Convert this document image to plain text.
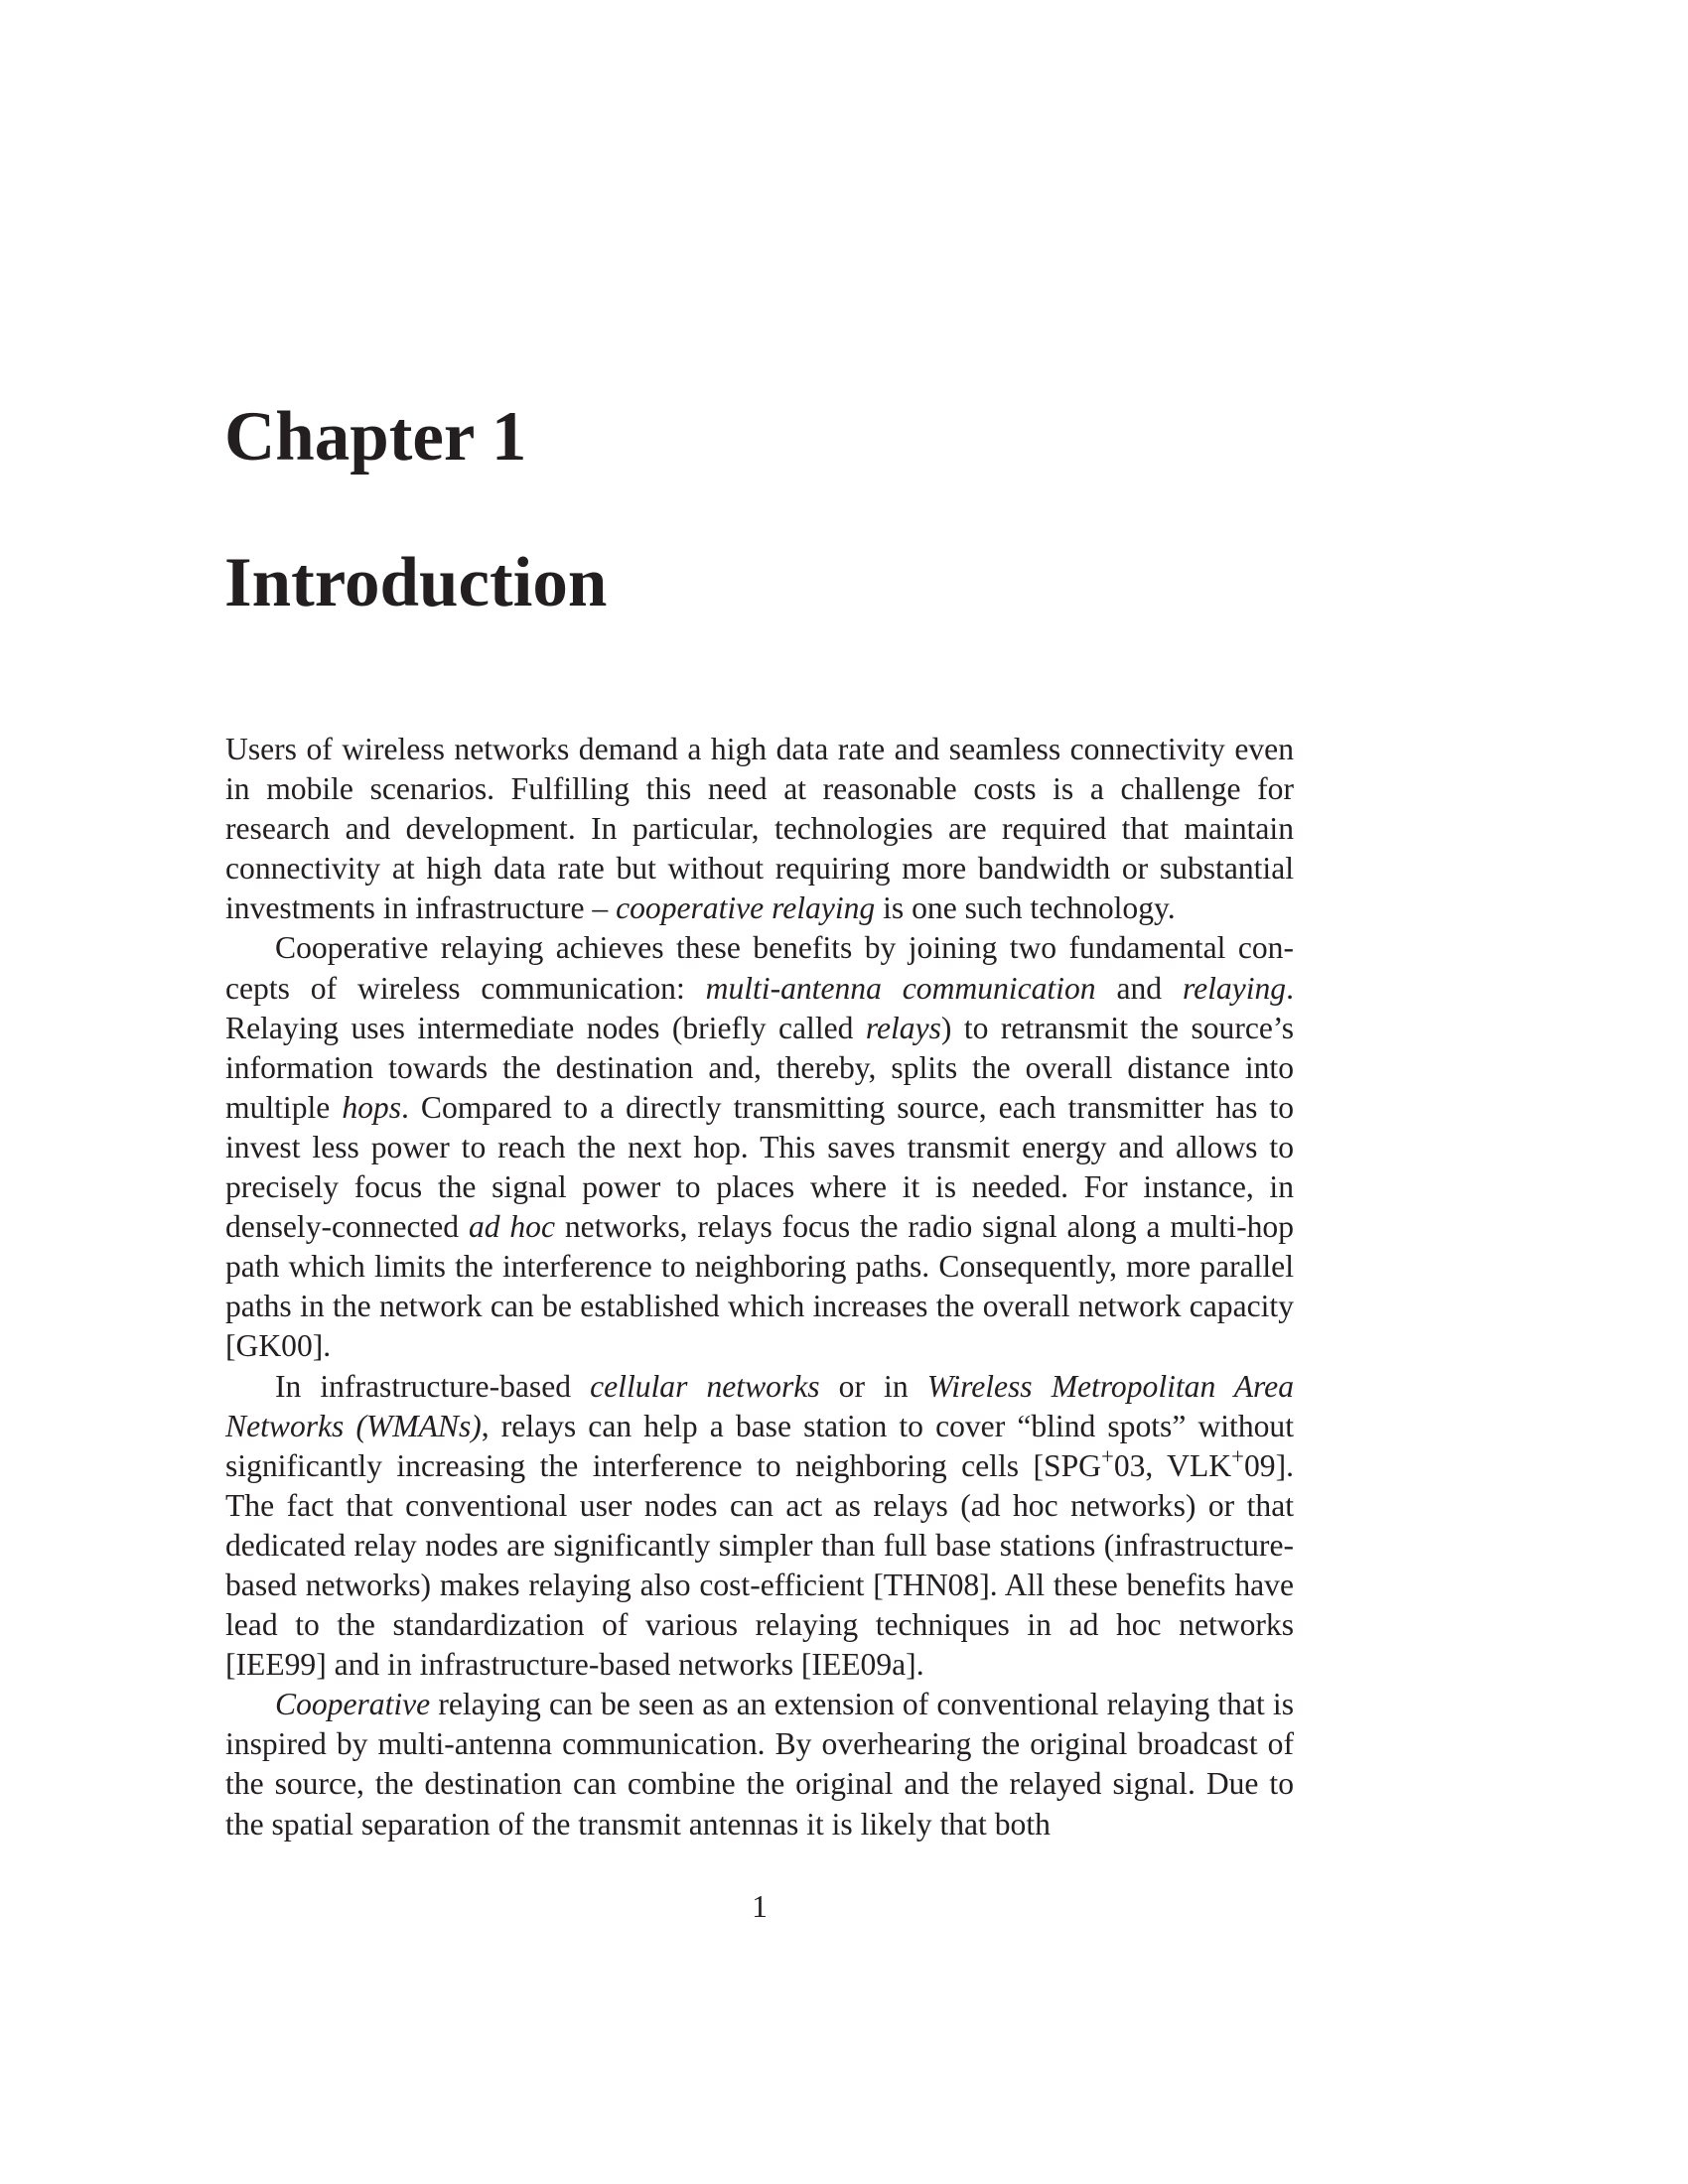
Chapter 1
Introduction

Users of wireless networks demand a high data rate and seamless connectivity even in mobile scenarios. Fulfilling this need at reasonable costs is a challenge for research and development. In particular, technologies are required that maintain connectivity at high data rate but without requiring more bandwidth or substantial investments in infrastructure – cooperative relaying is one such technology.

Cooperative relaying achieves these benefits by joining two fundamental concepts of wireless communication: multi-antenna communication and relaying. Relaying uses intermediate nodes (briefly called relays) to retransmit the source’s information towards the destination and, thereby, splits the overall distance into multiple hops. Compared to a directly transmitting source, each transmitter has to invest less power to reach the next hop. This saves transmit energy and allows to precisely focus the signal power to places where it is needed. For instance, in densely-connected ad hoc networks, relays focus the radio signal along a multi-hop path which limits the interference to neighboring paths. Consequently, more parallel paths in the network can be established which increases the overall network capacity [GK00].

In infrastructure-based cellular networks or in Wireless Metropolitan Area Networks (WMANs), relays can help a base station to cover “blind spots” without significantly increasing the interference to neighboring cells [SPG+03, VLK+09]. The fact that conventional user nodes can act as relays (ad hoc networks) or that dedicated relay nodes are significantly simpler than full base stations (infrastructure-based networks) makes relaying also cost-efficient [THN08]. All these benefits have lead to the standardization of various relaying techniques in ad hoc networks [IEE99] and in infrastructure-based networks [IEE09a].

Cooperative relaying can be seen as an extension of conventional relaying that is inspired by multi-antenna communication. By overhearing the original broadcast of the source, the destination can combine the original and the relayed signal. Due to the spatial separation of the transmit antennas it is likely that both

1
